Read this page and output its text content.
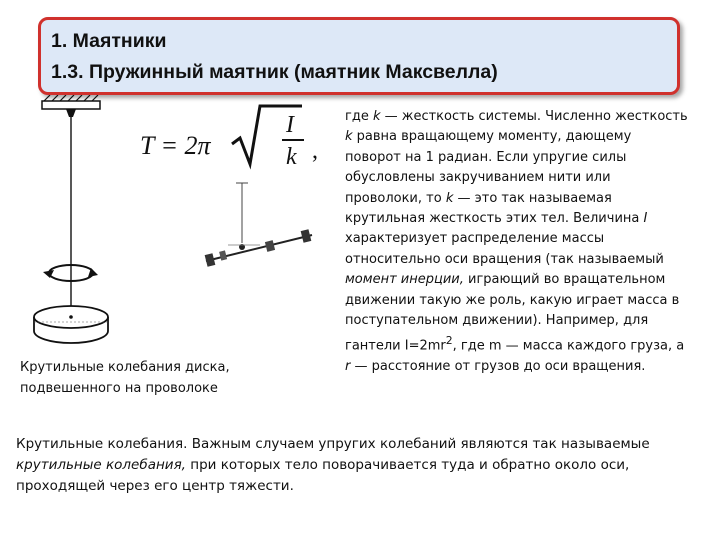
1. Маятники
1.3. Пружинный маятник (маятник Максвелла)
T = 2π
I
k ,

Крутильные колебания диска, подвешенного на проволоке

где k — жесткость системы. Численно жесткость k равна вращающему моменту, дающему поворот на 1 радиан. Если упругие силы обусловлены закручиванием нити или проволоки, то k — это так называемая крутильная жесткость этих тел. Величина I характеризует распределение массы относительно оси вращения (так называемый момент инерции, играющий во вращательном движении такую же роль, какую играет масса в поступательном движении). Например, для гантели $I=2mr^2$, где m — масса каждого груза, а r — расстояние от грузов до оси вращения.

Крутильные колебания. Важным случаем упругих колебаний являются так называемые крутильные колебания, при которых тело поворачивается туда и обратно около оси, проходящей через его центр тяжести.
